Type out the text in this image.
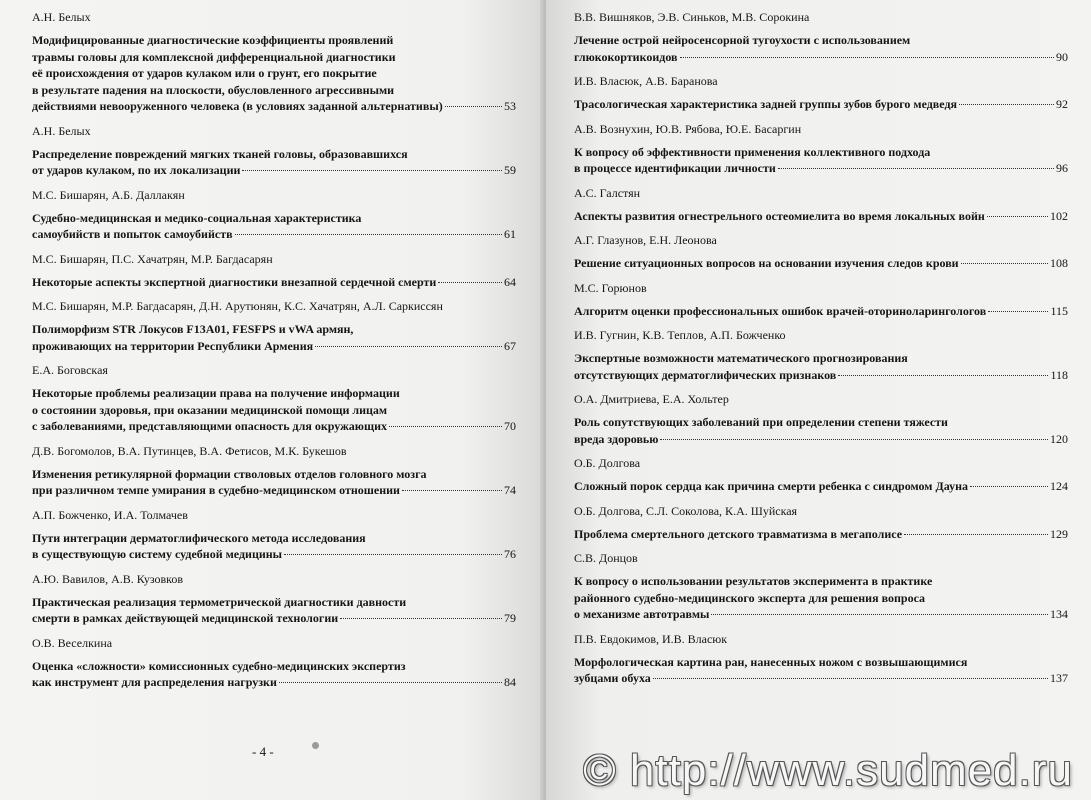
А.Н. Белых
Модифицированные диагностические коэффициенты проявлений
травмы головы для комплексной дифференциальной диагностики
её происхождения от ударов кулаком или о грунт, его покрытие
в результате падения на плоскости, обусловленного агрессивными
действиями невооруженного человека (в условиях заданной альтернативы)	53
А.Н. Белых
Распределение повреждений мягких тканей головы, образовавшихся
от ударов кулаком, по их локализации	59
М.С. Бишарян, А.Б. Даллакян
Судебно-медицинская и медико-социальная характеристика
самоубийств и попыток самоубийств	61
М.С. Бишарян, П.С. Хачатрян, М.Р. Багдасарян
Некоторые аспекты экспертной диагностики внезапной сердечной смерти	64
М.С. Бишарян, М.Р. Багдасарян, Д.Н. Арутюнян, К.С. Хачатрян, А.Л. Саркиссян
Полиморфизм STR Локусов F13A01, FESFPS и vWA армян,
проживающих на территории Республики Армения	67
Е.А. Боговская
Некоторые проблемы реализации права на получение информации
о состоянии здоровья, при оказании медицинской помощи лицам
с заболеваниями, представляющими опасность для окружающих	70
Д.В. Богомолов, В.А. Путинцев, В.А. Фетисов, М.К. Букешов
Изменения ретикулярной формации стволовых отделов головного мозга
при различном темпе умирания в судебно-медицинском отношении	74
А.П. Божченко, И.А. Толмачев
Пути интеграции дерматоглифического метода исследования
в существующую систему судебной медицины	76
А.Ю. Вавилов, А.В. Кузовков
Практическая реализация термометрической диагностики давности
смерти в рамках действующей медицинской технологии	79
О.В. Веселкина
Оценка «сложности» комиссионных судебно-медицинских экспертиз
как инструмент для распределения нагрузки	84
- 4 -
В.В. Вишняков, Э.В. Синьков, М.В. Сорокина
Лечение острой нейросенсорной тугоухости с использованием
глюкокортикоидов	90
И.В. Власюк, А.В. Баранова
Трасологическая характеристика задней группы зубов бурого медведя	92
А.В. Вознухин, Ю.В. Рябова, Ю.Е. Басаргин
К вопросу об эффективности применения коллективного подхода
в процессе идентификации личности	96
А.С. Галстян
Аспекты развития огнестрельного остеомиелита во время локальных войн	102
А.Г. Глазунов, Е.Н. Леонова
Решение ситуационных вопросов на основании изучения следов крови	108
М.С. Горюнов
Алгоритм оценки профессиональных ошибок врачей-оториноларингологов	115
И.В. Гугнин, К.В. Теплов, А.П. Божченко
Экспертные возможности математического прогнозирования
отсутствующих дерматоглифических признаков	118
О.А. Дмитриева, Е.А. Хольтер
Роль сопутствующих заболеваний при определении степени тяжести
вреда здоровью	120
О.Б. Долгова
Сложный порок сердца как причина смерти ребенка с синдромом Дауна	124
О.Б. Долгова, С.Л. Соколова, К.А. Шуйская
Проблема смертельного детского травматизма в мегаполисе	129
С.В. Донцов
К вопросу о использовании результатов эксперимента в практике
районного судебно-медицинского эксперта для решения вопроса
о механизме автотравмы	134
П.В. Евдокимов, И.В. Власюк
Морфологическая картина ран, нанесенных ножом с возвышающимися
зубцами обуха	137
© http://www.sudmed.ru
